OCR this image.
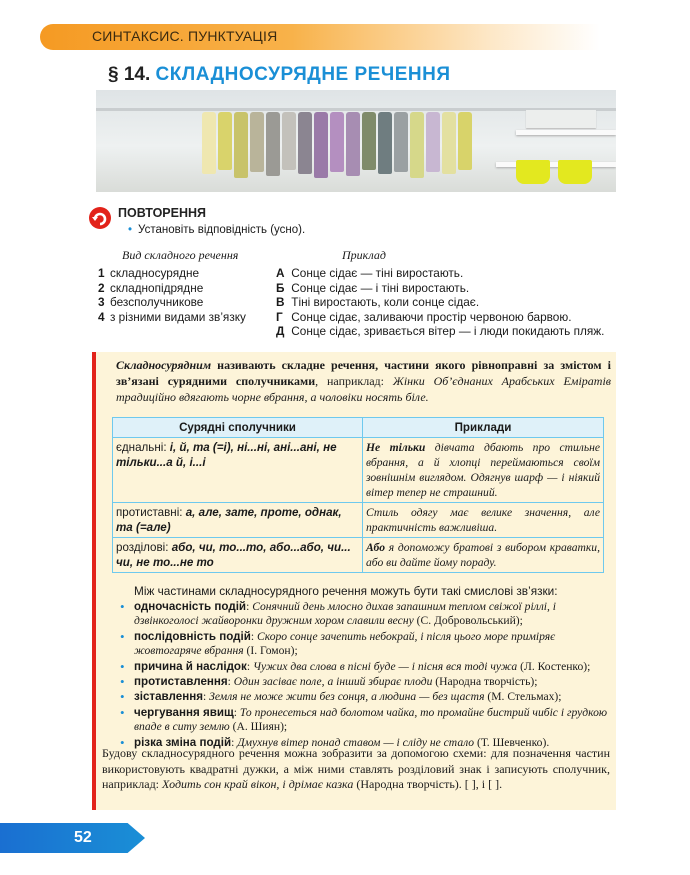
СИНТАКСИС. ПУНКТУАЦІЯ
§ 14. СКЛАДНОСУРЯДНЕ РЕЧЕННЯ
ПОВТОРЕННЯ
• Установіть відповідність (усно).
Вид складного речення	Приклад
1 складносурядне
2 складнопідрядне
3 безсполучникове
4 з різними видами зв’язку
А Сонце сідає — тіні виростають.
Б Сонце сідає — і тіні виростають.
В Тіні виростають, коли сонце сідає.
Г Сонце сідає, заливаючи простір червоною барвою.
Д Сонце сідає, зривається вітер — і люди покидають пляж.
Складносурядним називають складне речення, частини якого рівноправні за змістом і зв’язані сурядними сполучниками, наприклад: Жінки Об’єднаних Арабських Еміратів традиційно вдягають чорне вбрання, а чоловіки носять біле.
Сурядні сполучники	Приклади
єднальні: і, й, та (=і), ні...ні, ані...ані, не тільки...а й, і...і	Не тільки дівчата дбають про стильне вбрання, а й хлопці переймаються своїм зовнішнім виглядом. Одягнув шарф — і ніякий вітер тепер не страшний.
протиставні: а, але, зате, проте, однак, та (=але)	Стиль одягу має велике значення, але практичність важливіша.
розділові: або, чи, то...то, або...або, чи... чи, не то...не то	Або я допоможу братові з вибором краватки, або ви дайте йому пораду.
Між частинами складносурядного речення можуть бути такі смислові зв’язки:
• одночасність подій: Сонячний день млосно дихав запашним теплом свіжої ріллі, і дзвінкоголосі жайворонки дружним хором славили весну (С. Добровольський);
• послідовність подій: Скоро сонце зачепить небокрай, і після цього море приміряє жовтогаряче вбрання (І. Гомон);
• причина й наслідок: Чужих два слова в пісні буде — і пісня вся тоді чужа (Л. Костенко);
• протиставлення: Один засіває поле, а інший збирає плоди (Народна творчість);
• зіставлення: Земля не може жити без сонця, а людина — без щастя (М. Стельмах);
• чергування явищ: То пронесеться над болотом чайка, то промайне бистрий чибіс і грудкою впаде в ситу землю (А. Шиян);
• різка зміна подій: Дмухнув вітер понад ставом — і сліду не стало (Т. Шевченко).
Будову складносурядного речення можна зобразити за допомогою схеми: для позначення частин використовують квадратні дужки, а між ними ставлять розділовий знак і записують сполучник, наприклад: Ходить сон край вікон, і дрімає казка (Народна творчість). [ ], і [ ].
52
